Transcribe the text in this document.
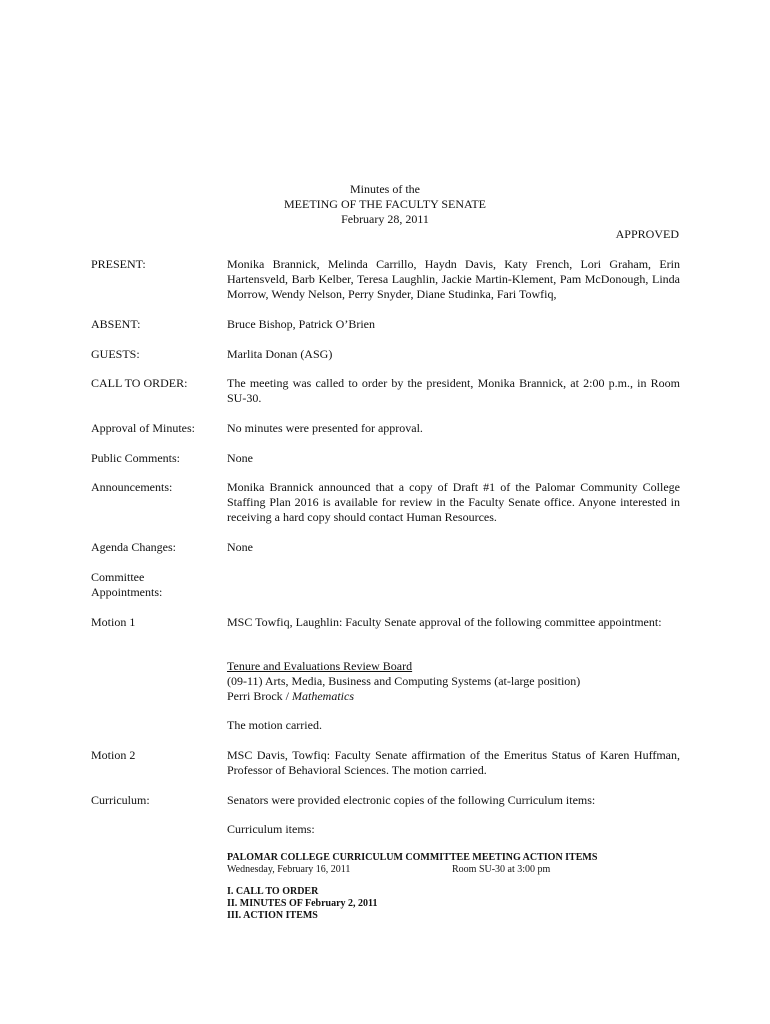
Minutes of the
MEETING OF THE FACULTY SENATE
February 28, 2011
APPROVED
PRESENT:	Monika Brannick, Melinda Carrillo, Haydn Davis, Katy French, Lori Graham, Erin Hartensveld, Barb Kelber, Teresa Laughlin, Jackie Martin-Klement, Pam McDonough, Linda Morrow, Wendy Nelson, Perry Snyder, Diane Studinka, Fari Towfiq,
ABSENT:	Bruce Bishop, Patrick O’Brien
GUESTS:	Marlita Donan (ASG)
CALL TO ORDER:	The meeting was called to order by the president, Monika Brannick, at 2:00 p.m., in Room SU-30.
Approval of Minutes:	No minutes were presented for approval.
Public Comments:	None
Announcements:	Monika Brannick announced that a copy of Draft #1 of the Palomar Community College Staffing Plan 2016 is available for review in the Faculty Senate office. Anyone interested in receiving a hard copy should contact Human Resources.
Agenda Changes:	None
Committee
Appointments:
Motion 1	MSC Towfiq, Laughlin: Faculty Senate approval of the following committee appointment:
Tenure and Evaluations Review Board
(09-11) Arts, Media, Business and Computing Systems (at-large position)
Perri Brock / Mathematics
The motion carried.
Motion 2	MSC Davis, Towfiq: Faculty Senate affirmation of the Emeritus Status of Karen Huffman, Professor of Behavioral Sciences. The motion carried.
Curriculum:	Senators were provided electronic copies of the following Curriculum items:
Curriculum items:
PALOMAR COLLEGE CURRICULUM COMMITTEE MEETING ACTION ITEMS
Wednesday, February 16, 2011	Room SU-30 at 3:00 pm
I. CALL TO ORDER
II. MINUTES OF February 2, 2011
III. ACTION ITEMS
